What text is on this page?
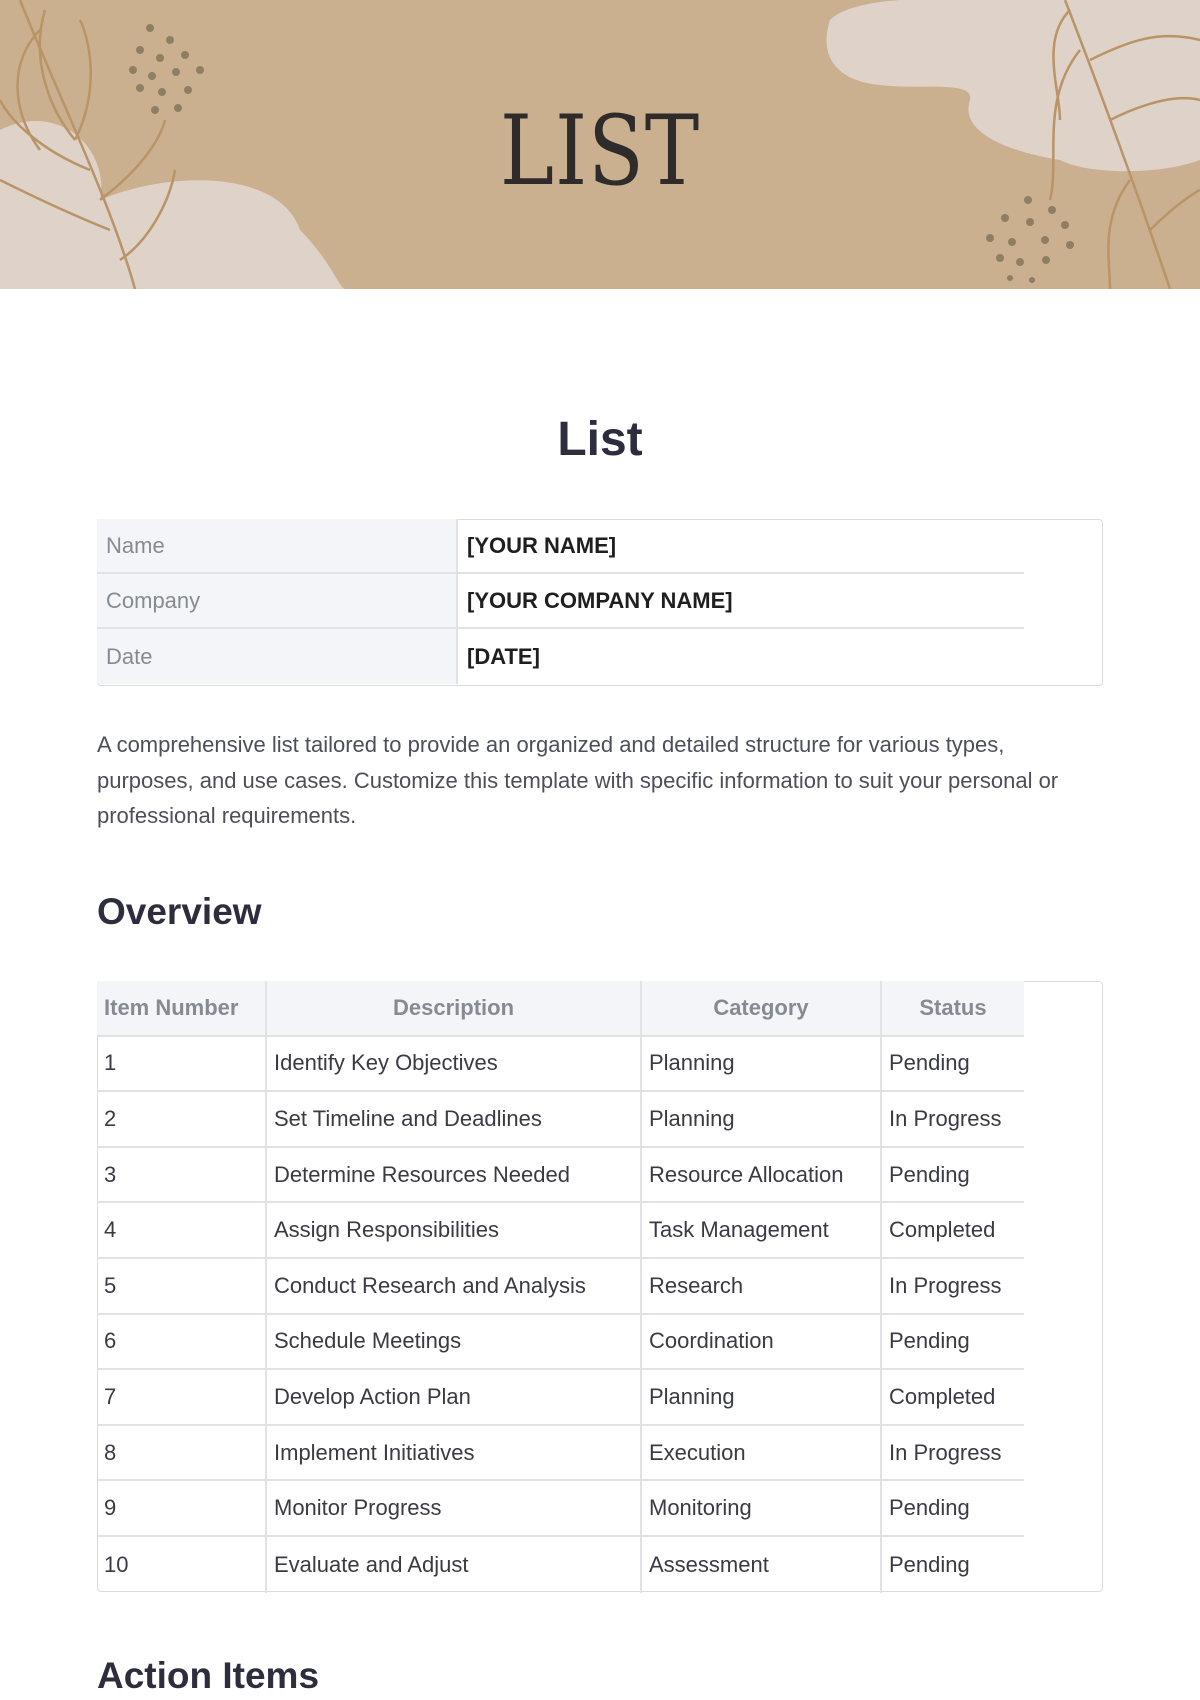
LIST
List
Name	[YOUR NAME]
Company	[YOUR COMPANY NAME]
Date	[DATE]

A comprehensive list tailored to provide an organized and detailed structure for various types, purposes, and use cases. Customize this template with specific information to suit your personal or professional requirements.

Overview
Item Number	Description	Category	Status
1	Identify Key Objectives	Planning	Pending
2	Set Timeline and Deadlines	Planning	In Progress
3	Determine Resources Needed	Resource Allocation	Pending
4	Assign Responsibilities	Task Management	Completed
5	Conduct Research and Analysis	Research	In Progress
6	Schedule Meetings	Coordination	Pending
7	Develop Action Plan	Planning	Completed
8	Implement Initiatives	Execution	In Progress
9	Monitor Progress	Monitoring	Pending
10	Evaluate and Adjust	Assessment	Pending
Action Items
